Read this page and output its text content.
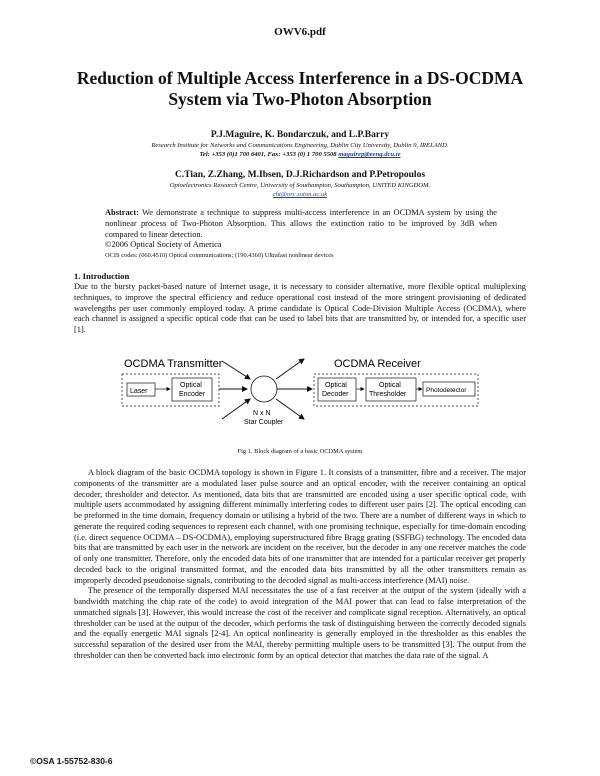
OWV6.pdf
Reduction of Multiple Access Interference in a DS-OCDMA
System via Two-Photon Absorption
P.J.Maguire, K. Bondarczuk, and L.P.Barry
Research Institute for Networks and Communications Engineering, Dublin City University, Dublin 9, IRELAND.
Tel: +353 (0)1 700 6401, Fax: +353 (0) 1 700 5508 maguirep@eeng.dcu.ie
C.Tian, Z.Zhang, M.Ibsen, D.J.Richardson and P.Petropoulos
Optoelectronics Research Centre, University of Southampton, Southampton, UNITED KINGDOM.
cht@orc.soton.ac.uk
Abstract: We demonstrate a technique to suppress multi-access interference in an OCDMA system by using the nonlinear process of Two-Photon Absorption. This allows the extinction ratio to be improved by 3dB when compared to linear detection.
©2006 Optical Society of America
OCIS codes: (060.4510) Optical communications; (190.4360) Ultrafast nonlinear devices
1. Introduction

Due to the bursty packet-based nature of Internet usage, it is necessary to consider alternative, more flexible optical multiplexing techniques, to improve the spectral efficiency and reduce operational cost instead of the more stringent provisioning of dedicated wavelengths per user commonly employed today. A prime candidate is Optical Code-Division Multiple Access (OCDMA), where each channel is assigned a specific optical code that can be used to label bits that are transmitted by, or intended for, a specific user [1].

OCDMA Transmitter	OCDMA Receiver
Laser
Optical
Encoder
N x N
Star Coupler
Optical
Decoder
Optical
Thresholder
Photodetector
Fig 1. Block diagram of a basic OCDMA system

A block diagram of the basic OCDMA topology is shown in Figure 1. It consists of a transmitter, fibre and a receiver. The major components of the transmitter are a modulated laser pulse source and an optical encoder, with the receiver containing an optical decoder, thresholder and detector. As mentioned, data bits that are transmitted are encoded using a user specific optical code, with multiple users accommodated by assigning different minimally interfering codes to different user pairs [2]. The optical encoding can be preformed in the time domain, frequency domain or utilising a hybrid of the two. There are a number of different ways in which to generate the required coding sequences to represent each channel, with one promising technique, especially for time-domain encoding (i.e. direct sequence OCDMA – DS-OCDMA), employing superstructured fibre Bragg grating (SSFBG) technology. The encoded data bits that are transmitted by each user in the network are incident on the receiver, but the decoder in any one receiver matches the code of only one transmitter. Therefore, only the encoded data bits of one transmitter that are intended for a particular receiver get properly decoded back to the original transmitted format, and the encoded data bits transmitted by all the other transmitters remain as improperly decoded pseudonoise signals, contributing to the decoded signal as multi-access interference (MAI) noise.

The presence of the temporally dispersed MAI necessitates the use of a fast receiver at the output of the system (ideally with a bandwidth matching the chip rate of the code) to avoid integration of the MAI power that can lead to false interpretation of the unmatched signals [3]. However, this would increase the cost of the receiver and complicate signal reception. Alternatively, an optical thresholder can be used at the output of the decoder, which performs the task of distinguishing between the correctly decoded signals and the equally energetic MAI signals [2-4]. An optical nonlinearity is generally employed in the thresholder as this enables the successful separation of the desired user from the MAI, thereby permitting multiple users to be transmitted [3]. The output from the thresholder can then be converted back into electronic form by an optical detector that matches the data rate of the signal. A

©OSA 1-55752-830-6
